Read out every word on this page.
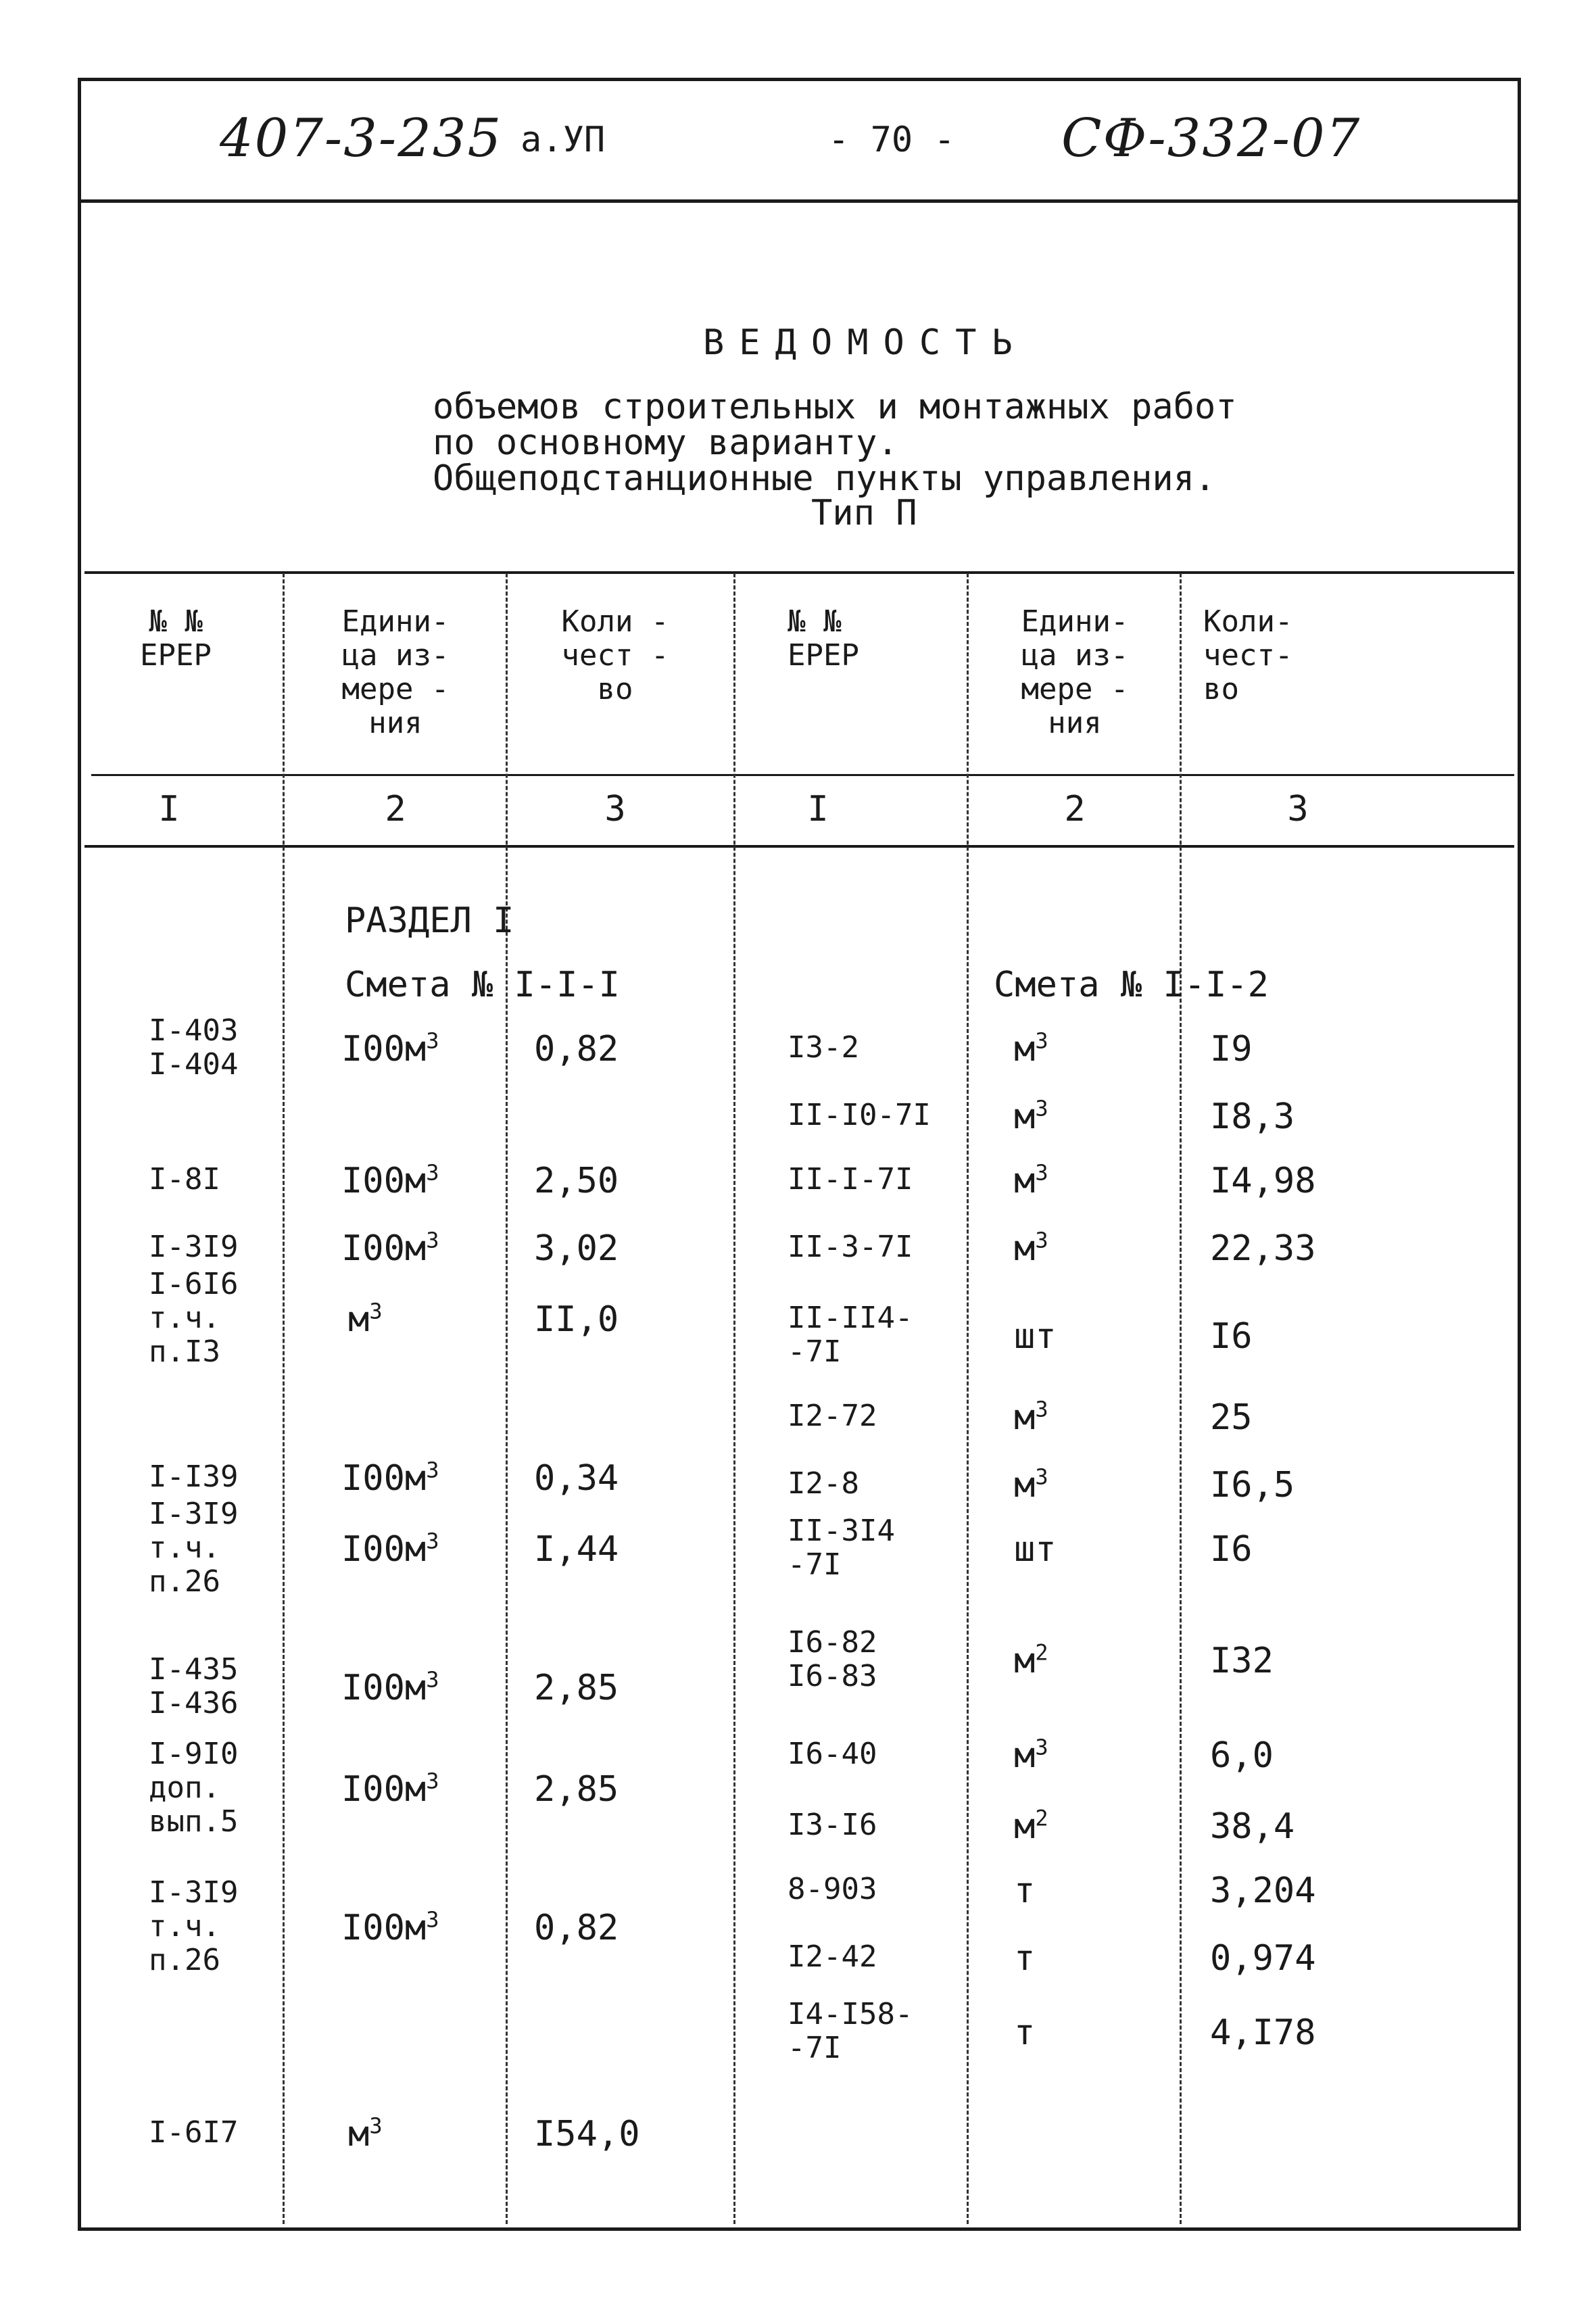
407-3-235 а.УП	- 70 - СФ-332-07
ВЕДОМОСТЬ
объемов строительных и монтажных работ
по основному варианту.
Общеподстанционные пункты управления.
Тип П
№ №
ЕРЕР
Едини-
ца из-
мере -
ния
Коли -
чест -
во
№ №
ЕРЕР
Едини-
ца из-
мере -
ния
Коли-
чест-
во
I	2	3	I	2	3
РАЗДЕЛ I
Смета № I-I-I	Смета № I-I-2
I-403
I-404	$I00м^3$	0,82
I-8I	$I00м^3$	2,50
I-3I9	$I00м^3$	3,02
I-6I6
т.ч.
п.I3
$м^3$	II,0
I-I39	$I00м^3$	0,34
I-3I9
т.ч.
п.26
$I00м^3$	I,44
I-435
I-436	$I00м^3$	2,85
I-9I0
доп.
вып.5
$I00м^3$	2,85
I-3I9
т.ч.
п.26
$I00м^3$	0,82
I-6I7	$м^3$	I54,0
I3-2	$м^3$	I9
II-I0-7I $м^3$	I8,3
II-I-7I	$м^3$	I4,98
II-3-7I	$м^3$	22,33
II-II4-
-7I	шт	I6
I2-72	$м^3$	25
I2-8	$м^3$	I6,5
II-3I4
-7I	шт	I6
I6-82
I6-83	$м^2$	I32
I6-40	$м^3$	6,0
I3-I6	$м^2$	38,4
8-903	т	3,204
I2-42	т	0,974
I4-I58-
-7I	т	4,I78
